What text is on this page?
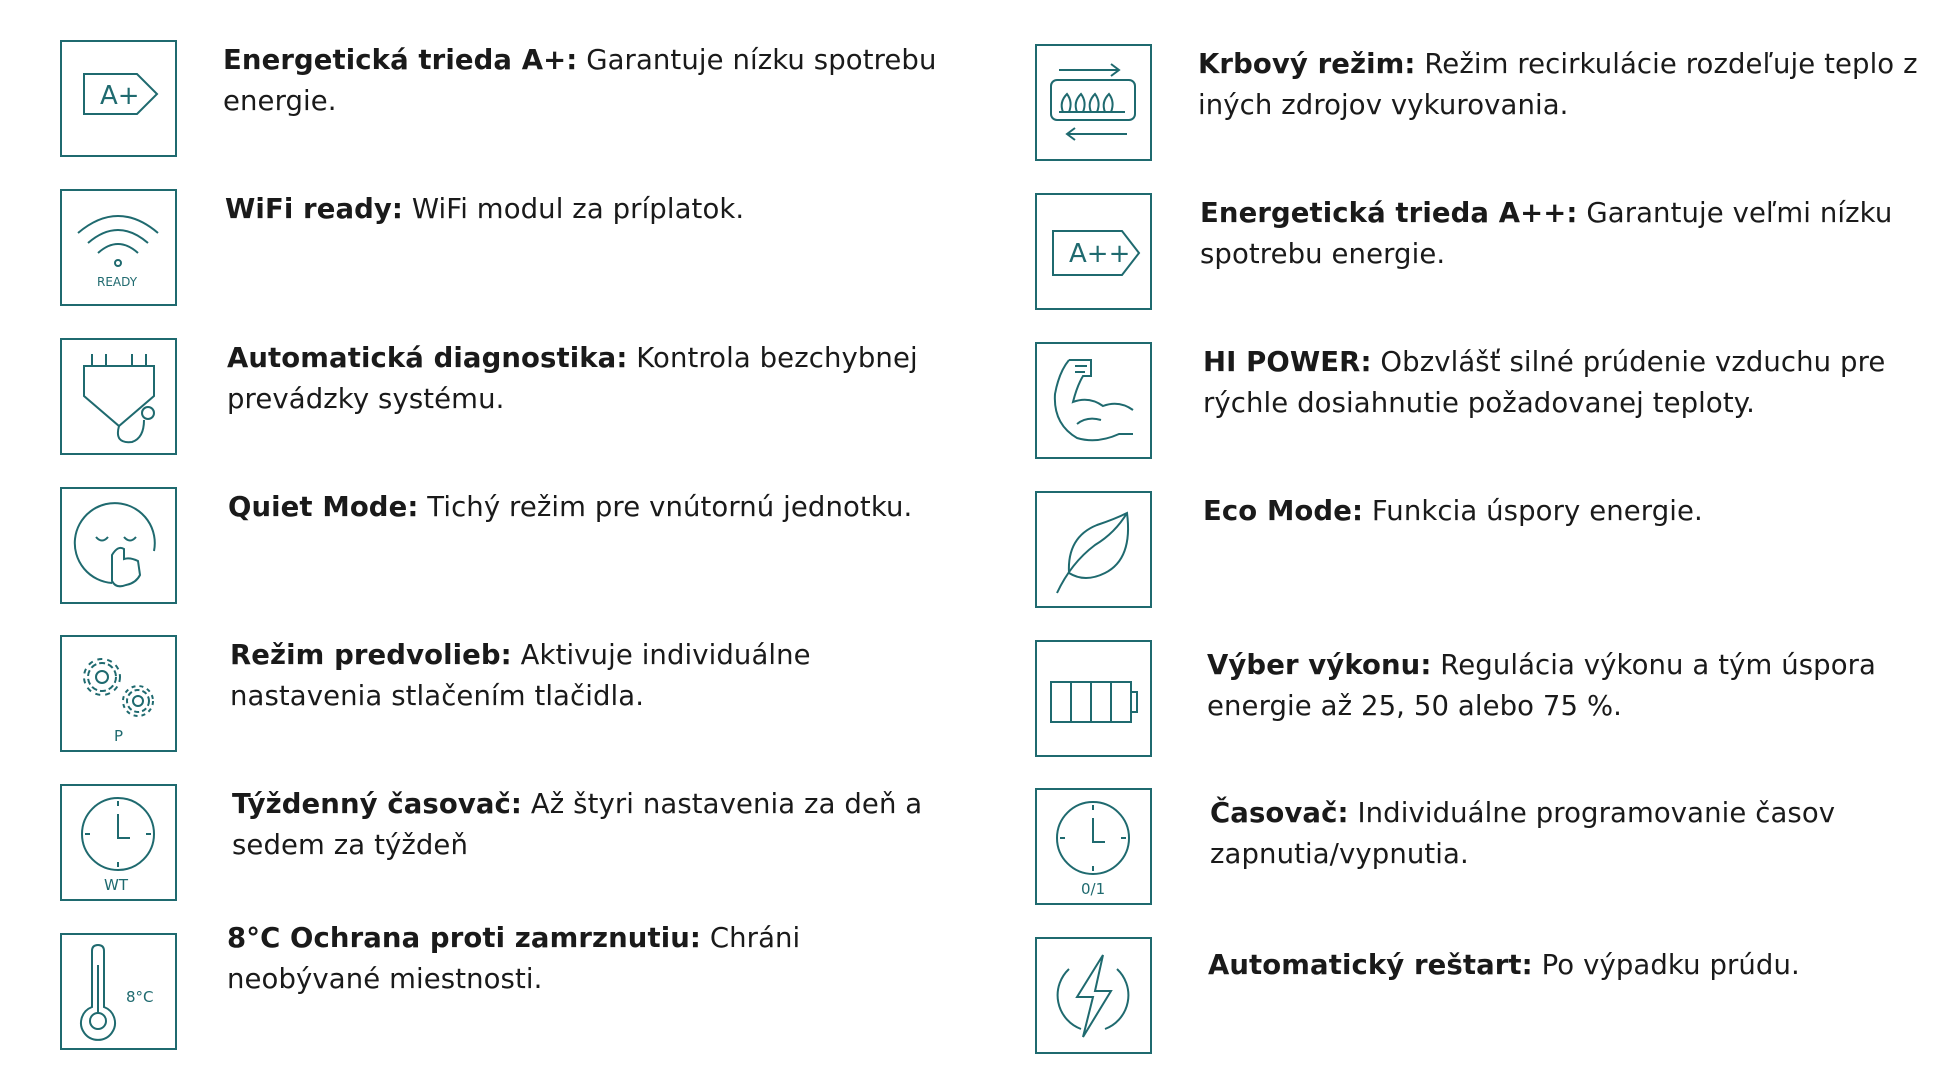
A+

Energetická trieda A+: Garantuje nízku spotrebu energie.

READY

WiFi ready: WiFi modul za príplatok.

Automatická diagnostika: Kontrola bezchybnej prevádzky systému.

Quiet Mode: Tichý režim pre vnútornú jednotku.

P

Režim predvolieb: Aktivuje individuálne nastavenia stlačením tlačidla.

WT

Týždenný časovač: Až štyri nastavenia za deň a sedem za týždeň

8°C

8°C Ochrana proti zamrznutiu: Chráni neobývané miestnosti.

Krbový režim: Režim recirkulácie rozdeľuje teplo z iných zdrojov vykurovania.

A++

Energetická trieda A++: Garantuje veľmi nízku spotrebu energie.

HI POWER: Obzvlášť silné prúdenie vzduchu pre rýchle dosiahnutie požadovanej teploty.

Eco Mode: Funkcia úspory energie.

Výber výkonu: Regulácia výkonu a tým úspora energie až 25, 50 alebo 75 %.

0/1

Časovač: Individuálne programovanie časov zapnutia/vypnutia.

Automatický reštart: Po výpadku prúdu.
